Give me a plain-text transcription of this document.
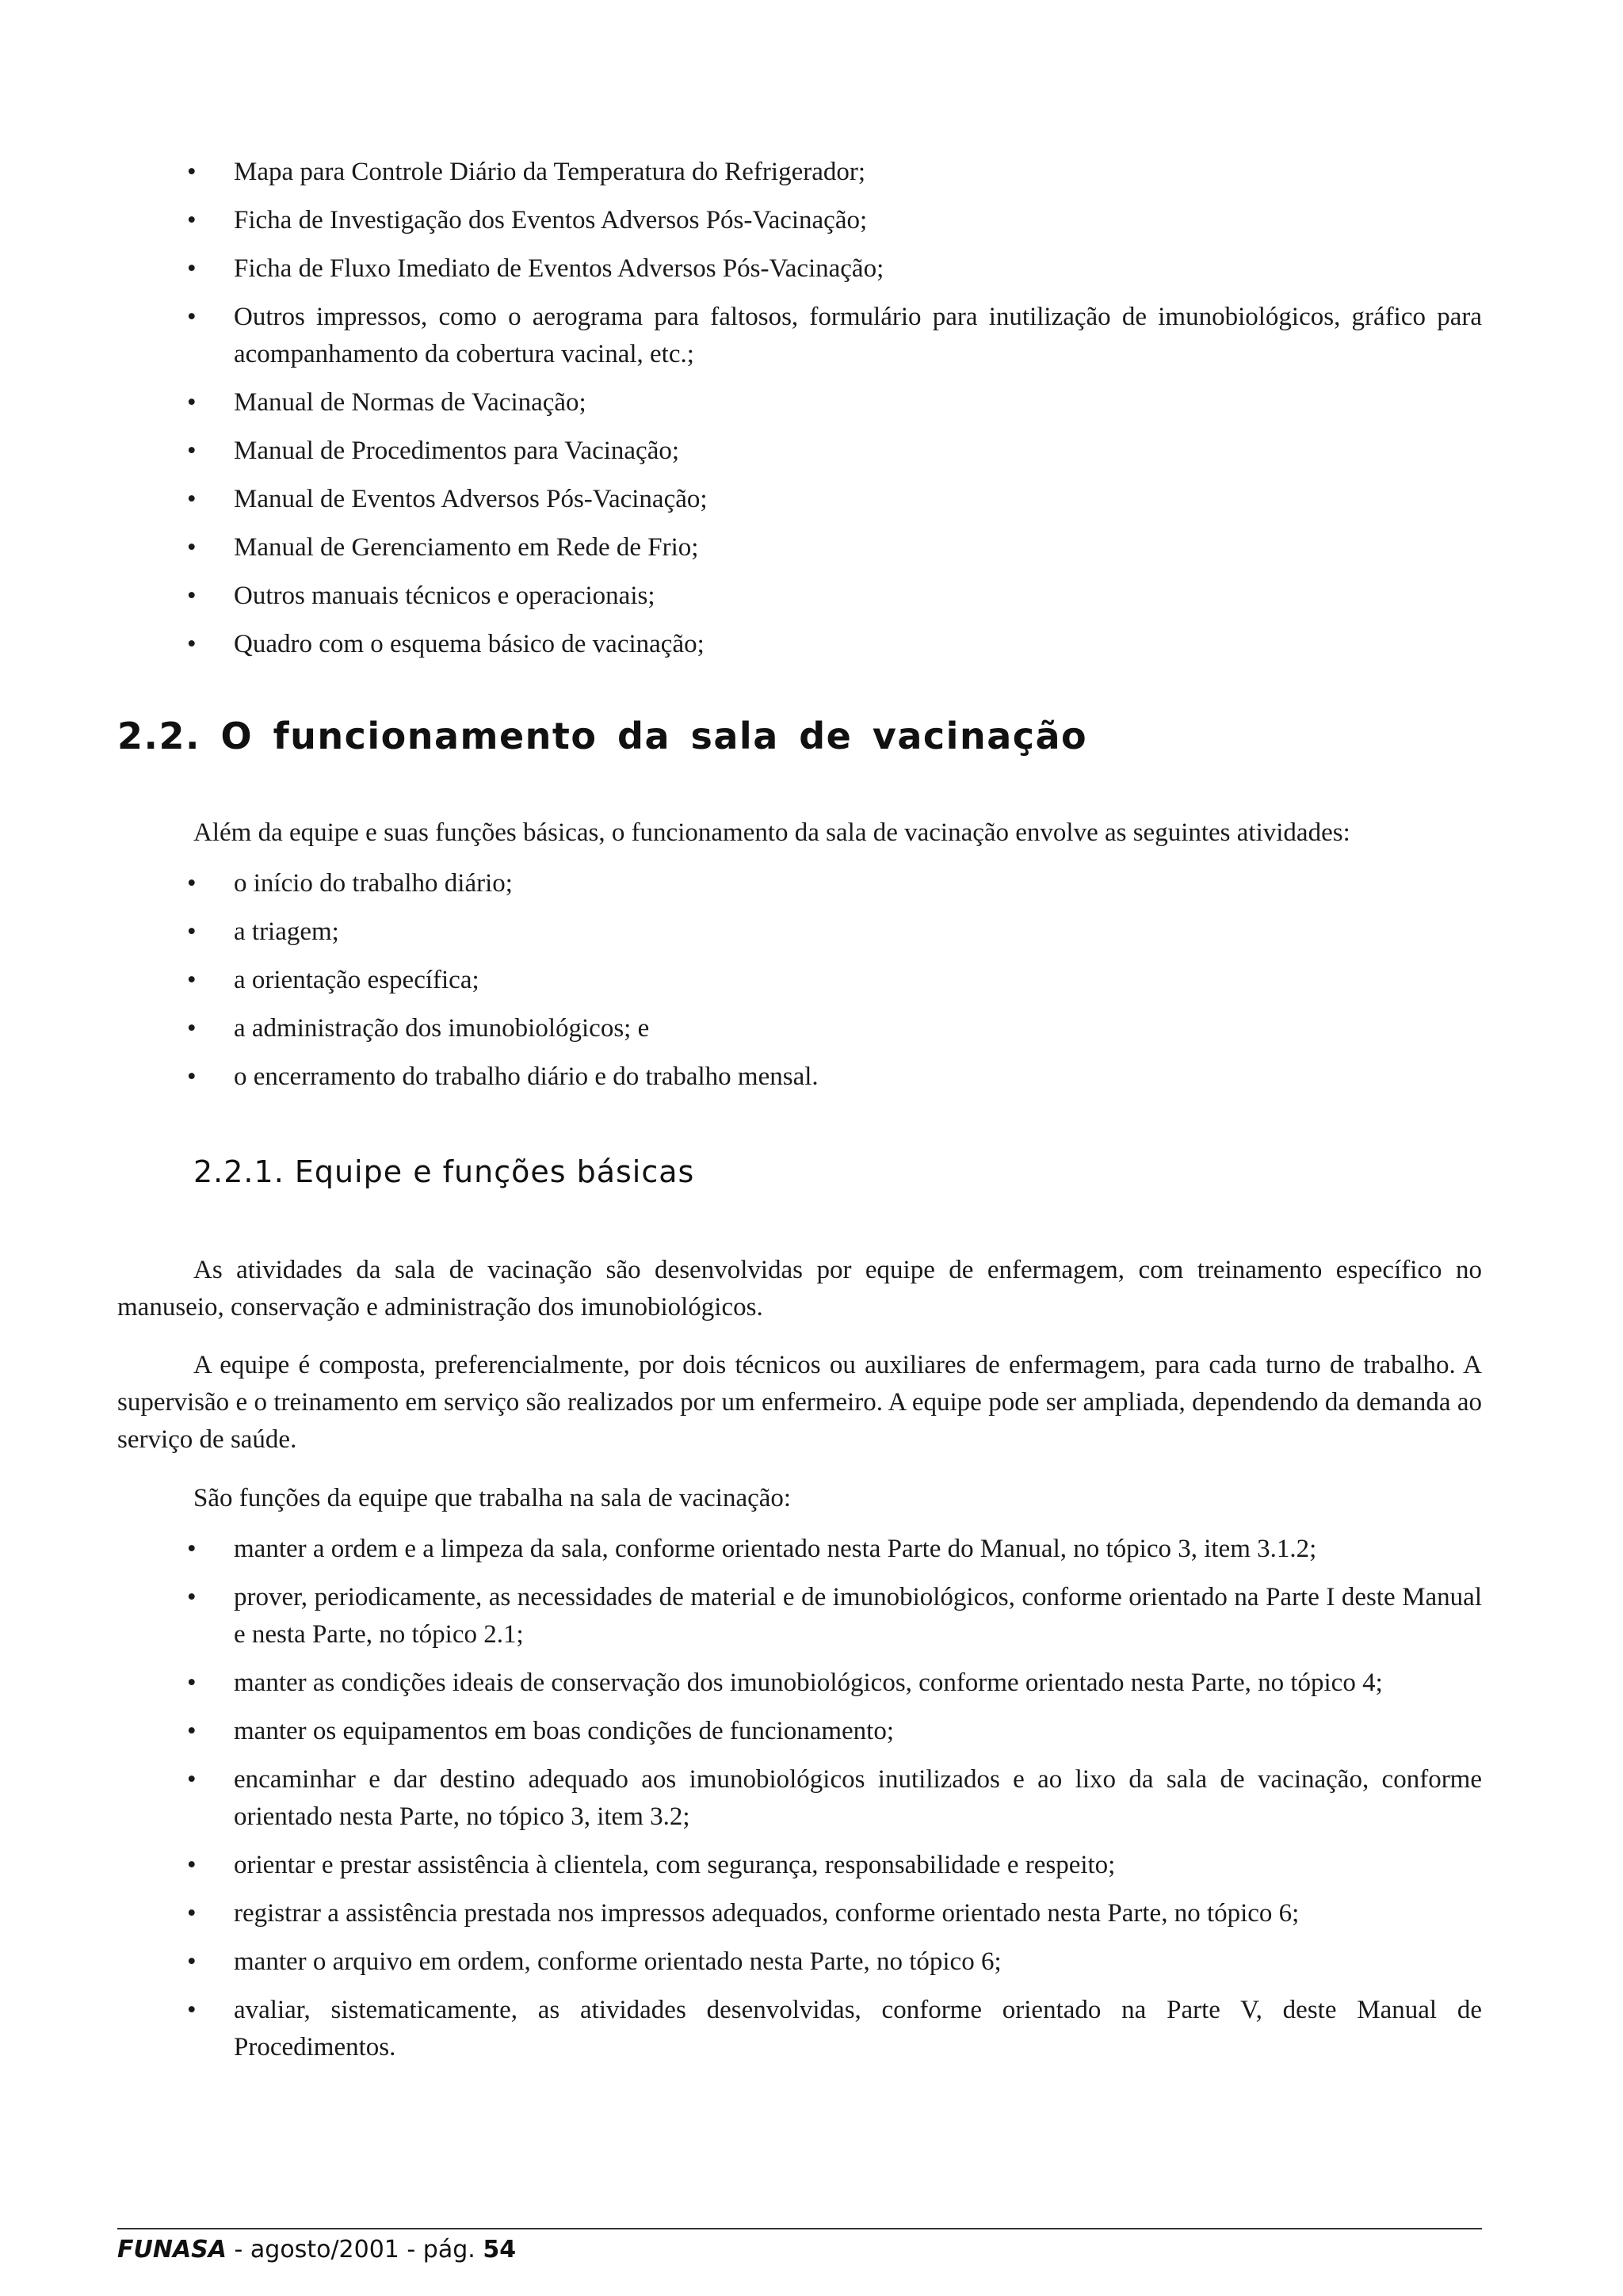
• Mapa para Controle Diário da Temperatura do Refrigerador;
• Ficha de Investigação dos Eventos Adversos Pós-Vacinação;
• Ficha de Fluxo Imediato de Eventos Adversos Pós-Vacinação;
• Outros impressos, como o aerograma para faltosos, formulário para inutilização de imunobiológicos, gráfico para acompanhamento da cobertura vacinal, etc.;
• Manual de Normas de Vacinação;
• Manual de Procedimentos para Vacinação;
• Manual de Eventos Adversos Pós-Vacinação;
• Manual de Gerenciamento em Rede de Frio;
• Outros manuais técnicos e operacionais;
• Quadro com o esquema básico de vacinação;
2.2. O funcionamento da sala de vacinação

Além da equipe e suas funções básicas, o funcionamento da sala de vacinação envolve as seguintes atividades:

• o início do trabalho diário;
• a triagem;
• a orientação específica;
• a administração dos imunobiológicos; e
• o encerramento do trabalho diário e do trabalho mensal.
2.2.1. Equipe e funções básicas

As atividades da sala de vacinação são desenvolvidas por equipe de enfermagem, com treinamento específico no manuseio, conservação e administração dos imunobiológicos.

A equipe é composta, preferencialmente, por dois técnicos ou auxiliares de enfermagem, para cada turno de trabalho. A supervisão e o treinamento em serviço são realizados por um enfermeiro. A equipe pode ser ampliada, dependendo da demanda ao serviço de saúde.

São funções da equipe que trabalha na sala de vacinação:

• manter a ordem e a limpeza da sala, conforme orientado nesta Parte do Manual, no tópico 3, item 3.1.2;
• prover, periodicamente, as necessidades de material e de imunobiológicos, conforme orientado na Parte I deste Manual e nesta Parte, no tópico 2.1;
• manter as condições ideais de conservação dos imunobiológicos, conforme orientado nesta Parte, no tópico 4;
• manter os equipamentos em boas condições de funcionamento;
• encaminhar e dar destino adequado aos imunobiológicos inutilizados e ao lixo da sala de vacinação, conforme orientado nesta Parte, no tópico 3, item 3.2;
• orientar e prestar assistência à clientela, com segurança, responsabilidade e respeito;
• registrar a assistência prestada nos impressos adequados, conforme orientado nesta Parte, no tópico 6;
• manter o arquivo em ordem, conforme orientado nesta Parte, no tópico 6;
• avaliar, sistematicamente, as atividades desenvolvidas, conforme orientado na Parte V, deste Manual de Procedimentos.
FUNASA - agosto/2001 - pág. 54
